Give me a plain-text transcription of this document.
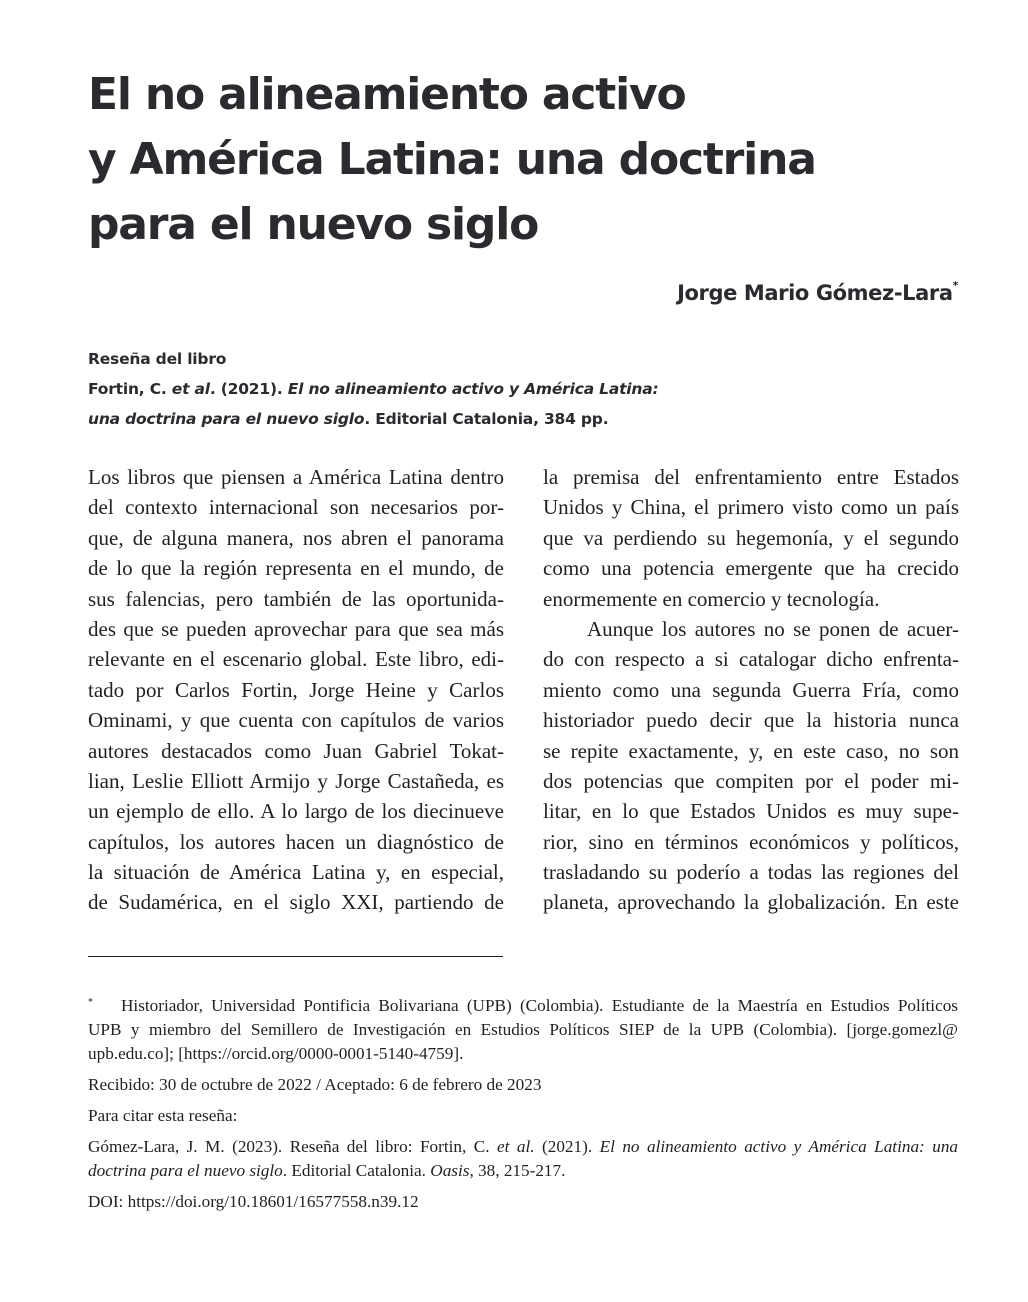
El no alineamiento activo
y América Latina: una doctrina
para el nuevo siglo
Jorge Mario Gómez-Lara*
Reseña del libro
Fortin, C. et al. (2021). El no alineamiento activo y América Latina:
una doctrina para el nuevo siglo. Editorial Catalonia, 384 pp.
Los libros que piensen a América Latina dentro
del contexto internacional son necesarios por-
que, de alguna manera, nos abren el panorama
de lo que la región representa en el mundo, de
sus falencias, pero también de las oportunida-
des que se pueden aprovechar para que sea más
relevante en el escenario global. Este libro, edi-
tado por Carlos Fortin, Jorge Heine y Carlos
Ominami, y que cuenta con capítulos de varios
autores destacados como Juan Gabriel Tokat-
lian, Leslie Elliott Armijo y Jorge Castañeda, es
un ejemplo de ello. A lo largo de los diecinueve
capítulos, los autores hacen un diagnóstico de
la situación de América Latina y, en especial,
de Sudamérica, en el siglo XXI, partiendo de
la premisa del enfrentamiento entre Estados
Unidos y China, el primero visto como un país
que va perdiendo su hegemonía, y el segundo
como una potencia emergente que ha crecido
enormemente en comercio y tecnología.
Aunque los autores no se ponen de acuer-
do con respecto a si catalogar dicho enfrenta-
miento como una segunda Guerra Fría, como
historiador puedo decir que la historia nunca
se repite exactamente, y, en este caso, no son
dos potencias que compiten por el poder mi-
litar, en lo que Estados Unidos es muy supe-
rior, sino en términos económicos y políticos,
trasladando su poderío a todas las regiones del
planeta, aprovechando la globalización. En este
* Historiador, Universidad Pontificia Bolivariana (UPB) (Colombia). Estudiante de la Maestría en Estudios Políticos
UPB y miembro del Semillero de Investigación en Estudios Políticos SIEP de la UPB (Colombia). [jorge.gomezl@
upb.edu.co]; [https://orcid.org/0000-0001-5140-4759].
Recibido: 30 de octubre de 2022 / Aceptado: 6 de febrero de 2023
Para citar esta reseña:
Gómez-Lara, J. M. (2023). Reseña del libro: Fortin, C. et al. (2021). El no alineamiento activo y América Latina: una
doctrina para el nuevo siglo. Editorial Catalonia. Oasis, 38, 215-217.
DOI: https://doi.org/10.18601/16577558.n39.12
